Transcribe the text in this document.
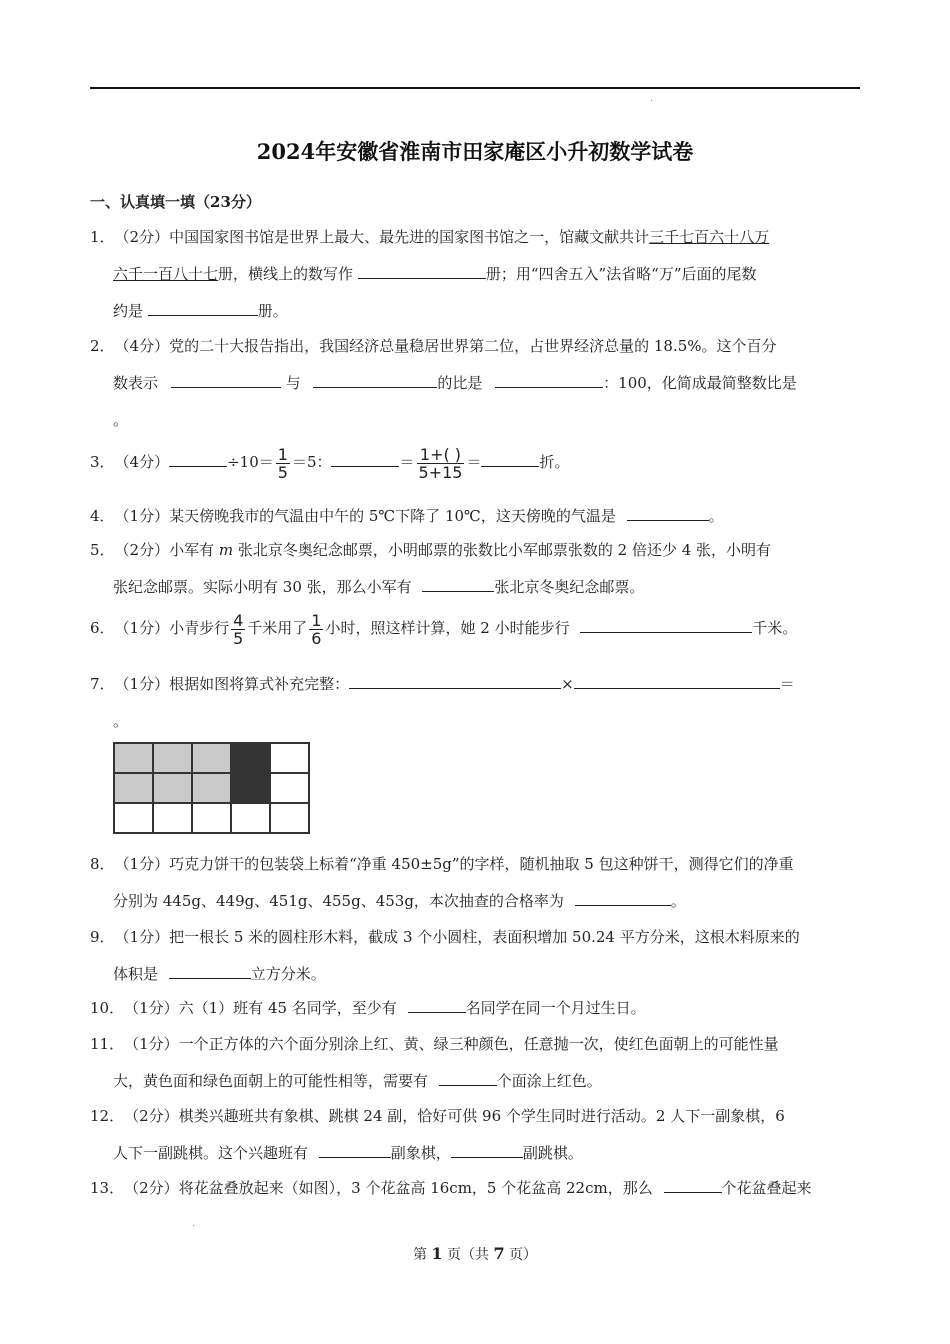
·
2024年安徽省淮南市田家庵区小升初数学试卷
一、认真填一填（23分）
1．（2分）中国国家图书馆是世界上最大、最先进的国家图书馆之一，馆藏文献共计三千七百六十八万
六千一百八十七册，横线上的数写作	册；用“四舍五入”法省略“万”后面的尾数
约是	册。
2．（4分）党的二十大报告指出，我国经济总量稳居世界第二位，占世界经济总量的 18.5%。这个百分
数表示	与	的比是	：100，化简成最简整数比是
。
3．（4分）	$\div 10= \frac{1}{5} =5$：	＝ $\frac{1+( )}{5+15}$ ＝	折。
4．（1分）某天傍晚我市的气温由中午的 5℃下降了 10℃，这天傍晚的气温是	。
5．（2分）小军有 m 张北京冬奥纪念邮票，小明邮票的张数比小军邮票张数的 2 倍还少 4 张，小明有
张纪念邮票。实际小明有 30 张，那么小军有	张北京冬奥纪念邮票。
6．（1分）小青步行 $\frac{4}{5}$ 千米用了 $\frac{1}{6}$ 小时，照这样计算，她 2 小时能步行	千米。
7．（1分）根据如图将算式补充完整：	×	＝
。

8．（1分）巧克力饼干的包装袋上标着“净重 450±5g”的字样，随机抽取 5 包这种饼干，测得它们的净重
分别为 445g、449g、451g、455g、453g，本次抽查的合格率为	。
9．（1分）把一根长 5 米的圆柱形木料，截成 3 个小圆柱，表面积增加 50.24 平方分米，这根木料原来的
体积是	立方分米。
10．（1分）六（1）班有 45 名同学，至少有	名同学在同一个月过生日。
11．（1分）一个正方体的六个面分别涂上红、黄、绿三种颜色，任意抛一次，使红色面朝上的可能性量
大，黄色面和绿色面朝上的可能性相等，需要有	个面涂上红色。
12．（2分）棋类兴趣班共有象棋、跳棋 24 副，恰好可供 96 个学生同时进行活动。2 人下一副象棋，6
人下一副跳棋。这个兴趣班有	副象棋，	副跳棋。
13．（2分）将花盆叠放起来（如图），3 个花盆高 16cm，5 个花盆高 22cm，那么	个花盆叠起来
·
第 1 页（共 7 页）
